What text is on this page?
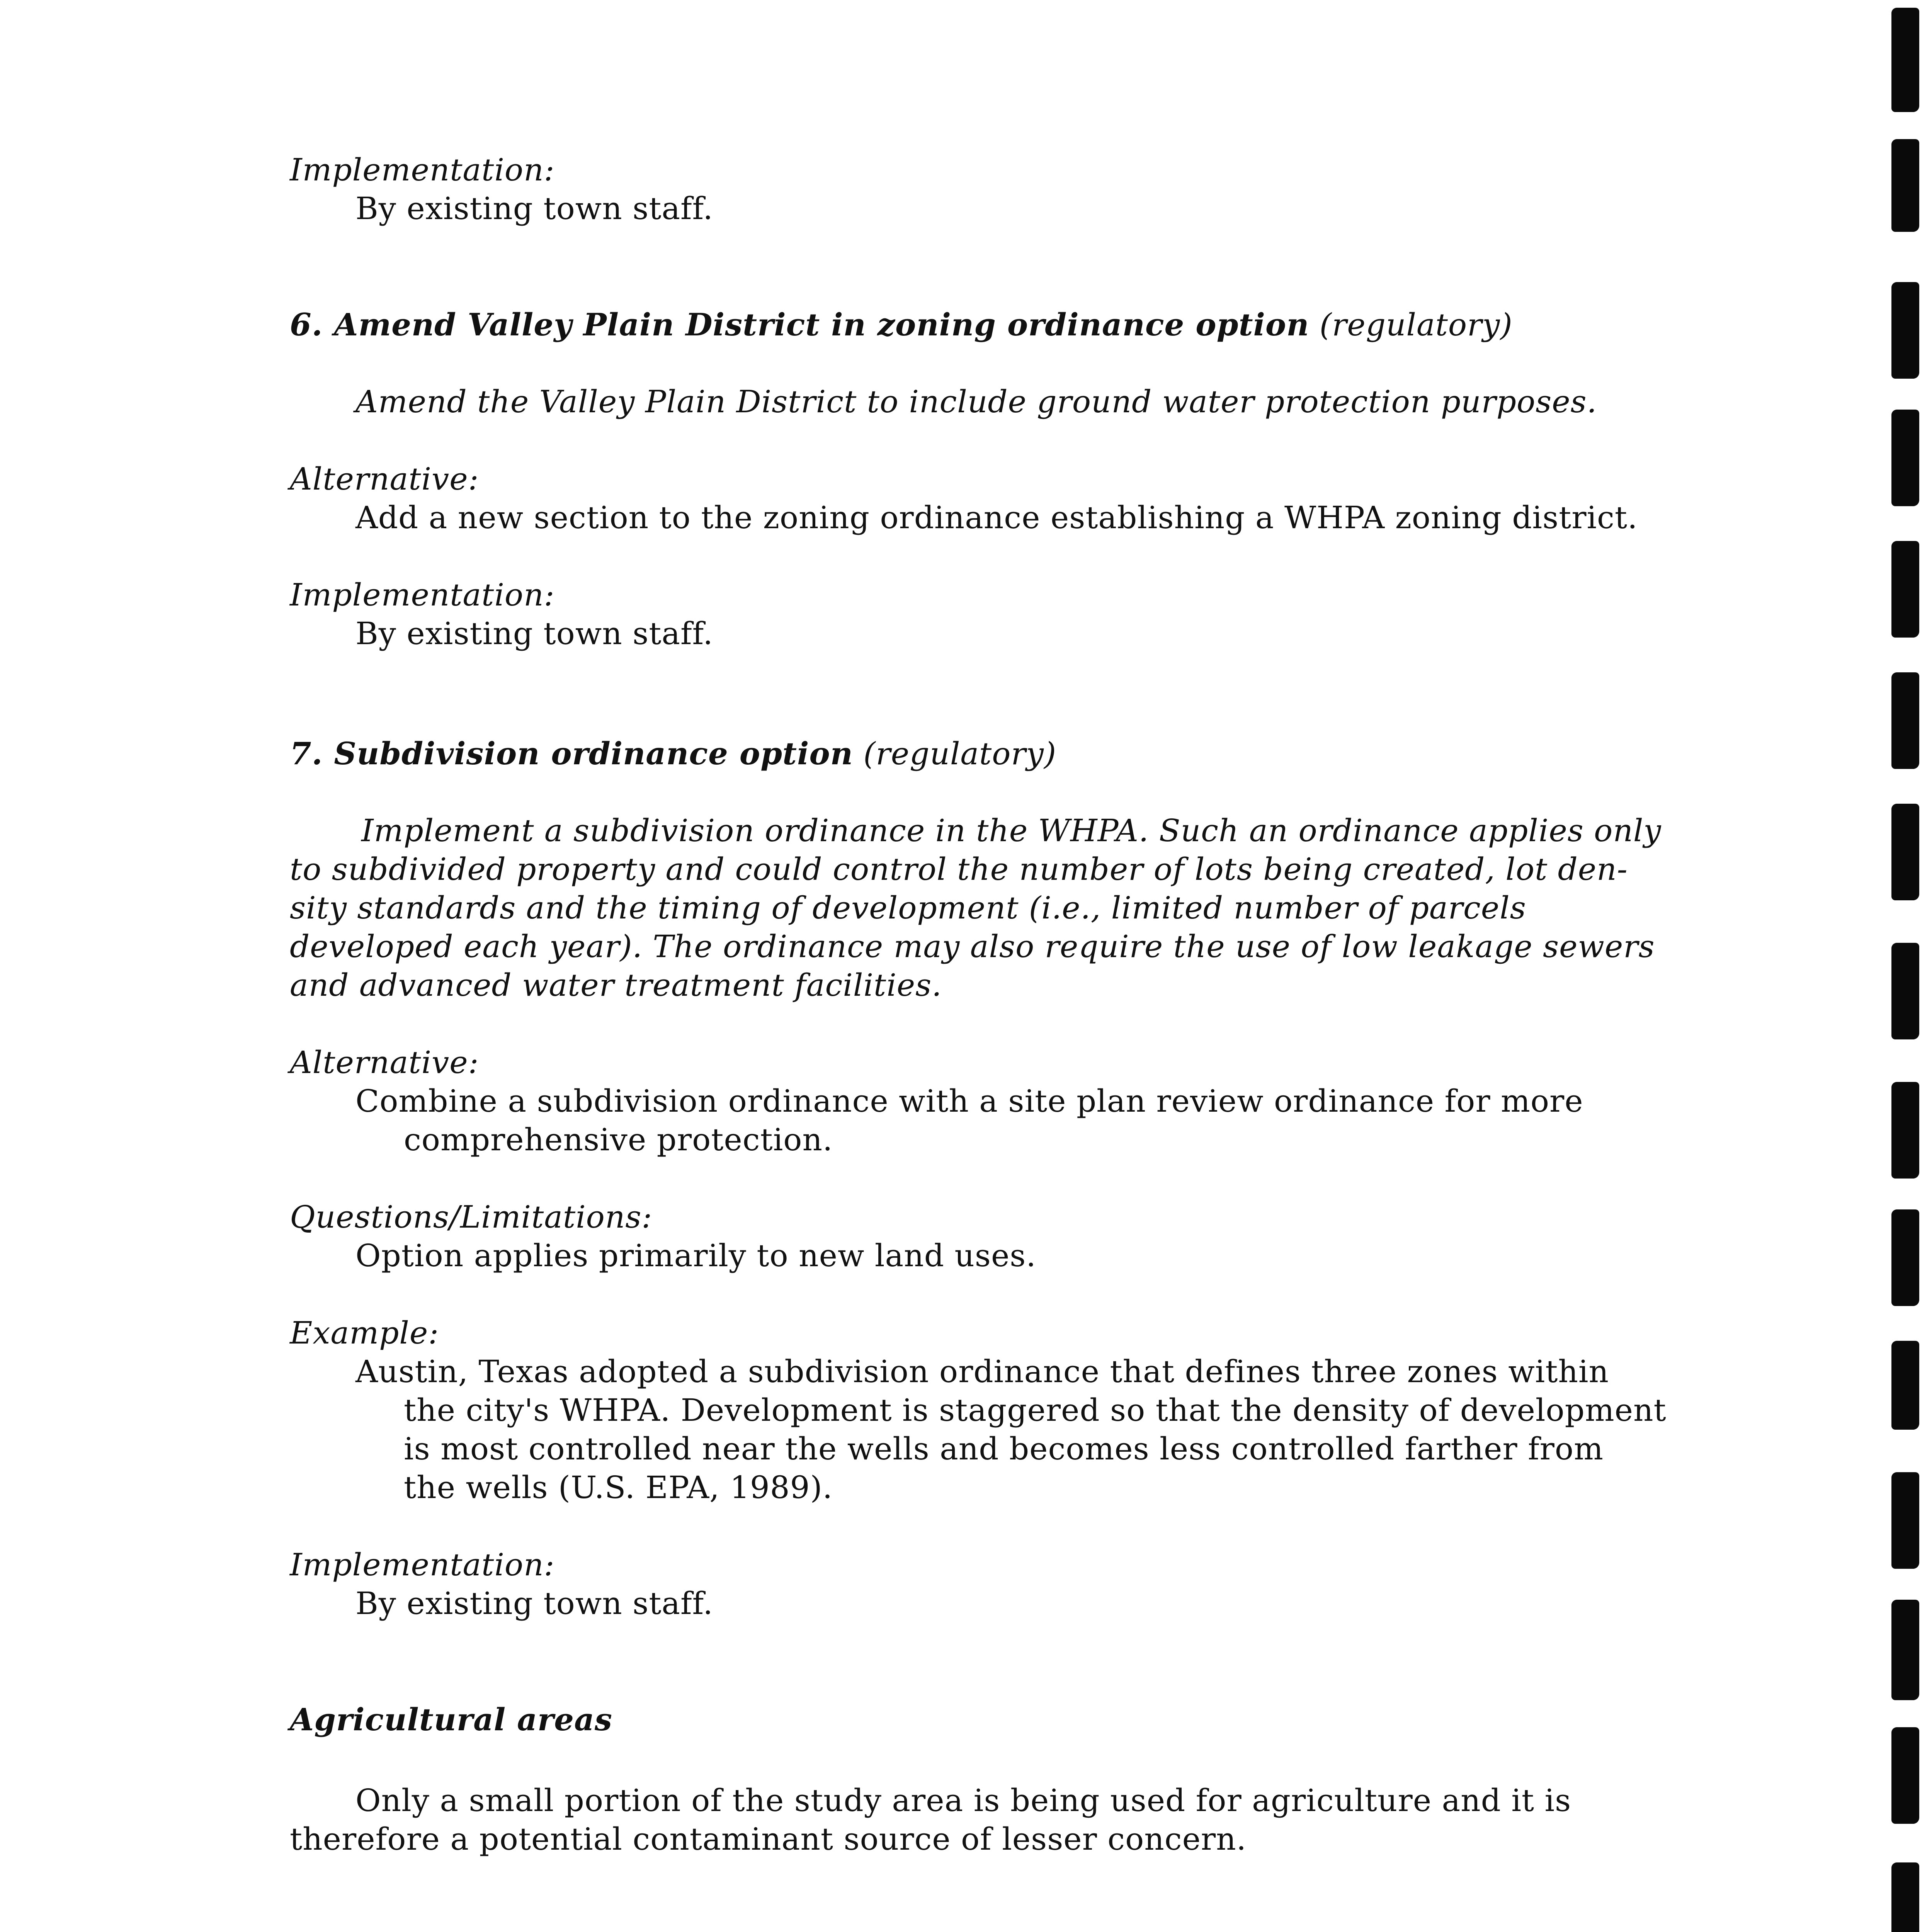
Implementation:
By existing town staff.
6. Amend Valley Plain District in zoning ordinance option (regulatory)
Amend the Valley Plain District to include ground water protection purposes.
Alternative:
Add a new section to the zoning ordinance establishing a WHPA zoning district.
Implementation:
By existing town staff.
7. Subdivision ordinance option (regulatory)
Implement a subdivision ordinance in the WHPA. Such an ordinance applies only
to subdivided property and could control the number of lots being created, lot den-
sity standards and the timing of development (i.e., limited number of parcels
developed each year). The ordinance may also require the use of low leakage sewers
and advanced water treatment facilities.
Alternative:
Combine a subdivision ordinance with a site plan review ordinance for more
comprehensive protection.
Questions/Limitations:
Option applies primarily to new land uses.
Example:
Austin, Texas adopted a subdivision ordinance that defines three zones within
the city's WHPA. Development is staggered so that the density of development
is most controlled near the wells and becomes less controlled farther from
the wells (U.S. EPA, 1989).
Implementation:
By existing town staff.
Agricultural areas
Only a small portion of the study area is being used for agriculture and it is
therefore a potential contaminant source of lesser concern.
